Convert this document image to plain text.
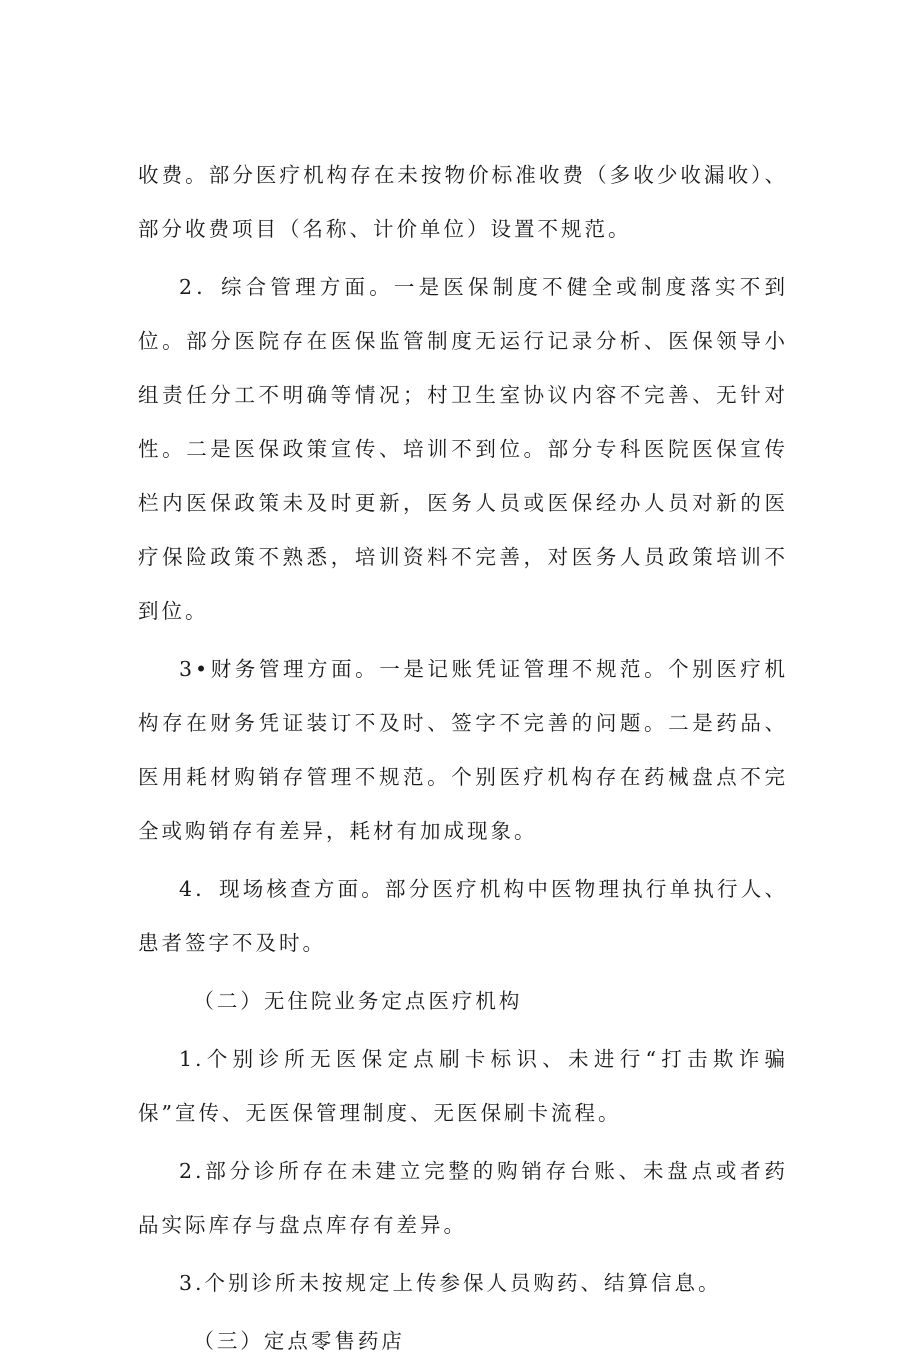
收费。部分医疗机构存在未按物价标准收费（多收少收漏收）、部分收费项目（名称、计价单位）设置不规范。

2．综合管理方面。一是医保制度不健全或制度落实不到位。部分医院存在医保监管制度无运行记录分析、医保领导小组责任分工不明确等情况；村卫生室协议内容不完善、无针对性。二是医保政策宣传、培训不到位。部分专科医院医保宣传栏内医保政策未及时更新，医务人员或医保经办人员对新的医疗保险政策不熟悉，培训资料不完善，对医务人员政策培训不到位。

3•财务管理方面。一是记账凭证管理不规范。个别医疗机构存在财务凭证装订不及时、签字不完善的问题。二是药品、医用耗材购销存管理不规范。个别医疗机构存在药械盘点不完全或购销存有差异，耗材有加成现象。

4．现场核查方面。部分医疗机构中医物理执行单执行人、患者签字不及时。

（二）无住院业务定点医疗机构

1.个别诊所无医保定点刷卡标识、未进行“打击欺诈骗保”宣传、无医保管理制度、无医保刷卡流程。

2.部分诊所存在未建立完整的购销存台账、未盘点或者药品实际库存与盘点库存有差异。

3.个别诊所未按规定上传参保人员购药、结算信息。

（三）定点零售药店
